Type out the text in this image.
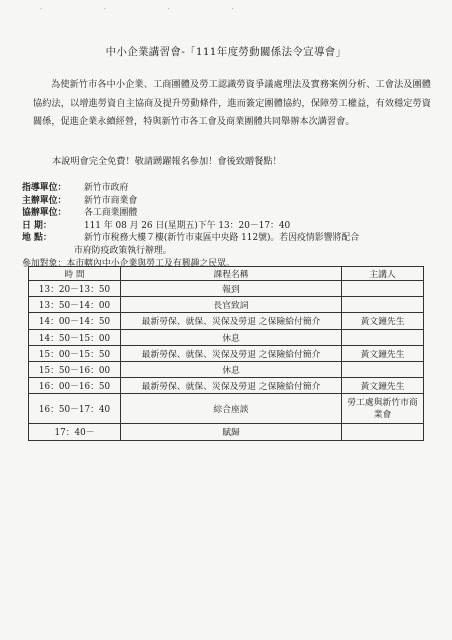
· · · ·
中小企業講習會-「111年度勞動關係法令宣導會」
為使新竹市各中小企業、工商團體及勞工認識勞資爭議處理法及實務案例分析、工會法及團體協約法，以增進勞資自主協商及提升勞動條件，進而簽定團體協約，保障勞工權益，有效穩定勞資關係，促進企業永續經營，特與新竹市各工會及商業團體共同舉辦本次講習會。
本說明會完全免費！敬請踴躍報名參加！會後致贈餐點！
指導單位：	新竹市政府
主辦單位：	新竹市商業會
協辦單位：	各工商業團體
日 期：	111 年 08 月 26 日(星期五)下午 13：20－17：40
地 點：	新竹市稅務大樓７樓(新竹市東區中央路 112號)。若因疫情影響將配合
市府防疫政策執行辦理。
參加對象：本市轄內中小企業與勞工及有興趣之民眾。
時 間	課程名稱	主講人
13：20－13：50	報到	
13：50－14：00	長官致詞	
14：00－14：50	最新勞保、就保、災保及勞退 之保險給付簡介	黃文鐘先生
14：50－15：00	休息	
15：00－15：50	最新勞保、就保、災保及勞退 之保險給付簡介	黃文鐘先生
15：50－16：00	休息	
16：00－16：50	最新勞保、就保、災保及勞退 之保險給付簡介	黃文鐘先生
16：50－17：40	綜合座談	勞工處與新竹市商業會
17：40－	賦歸	
